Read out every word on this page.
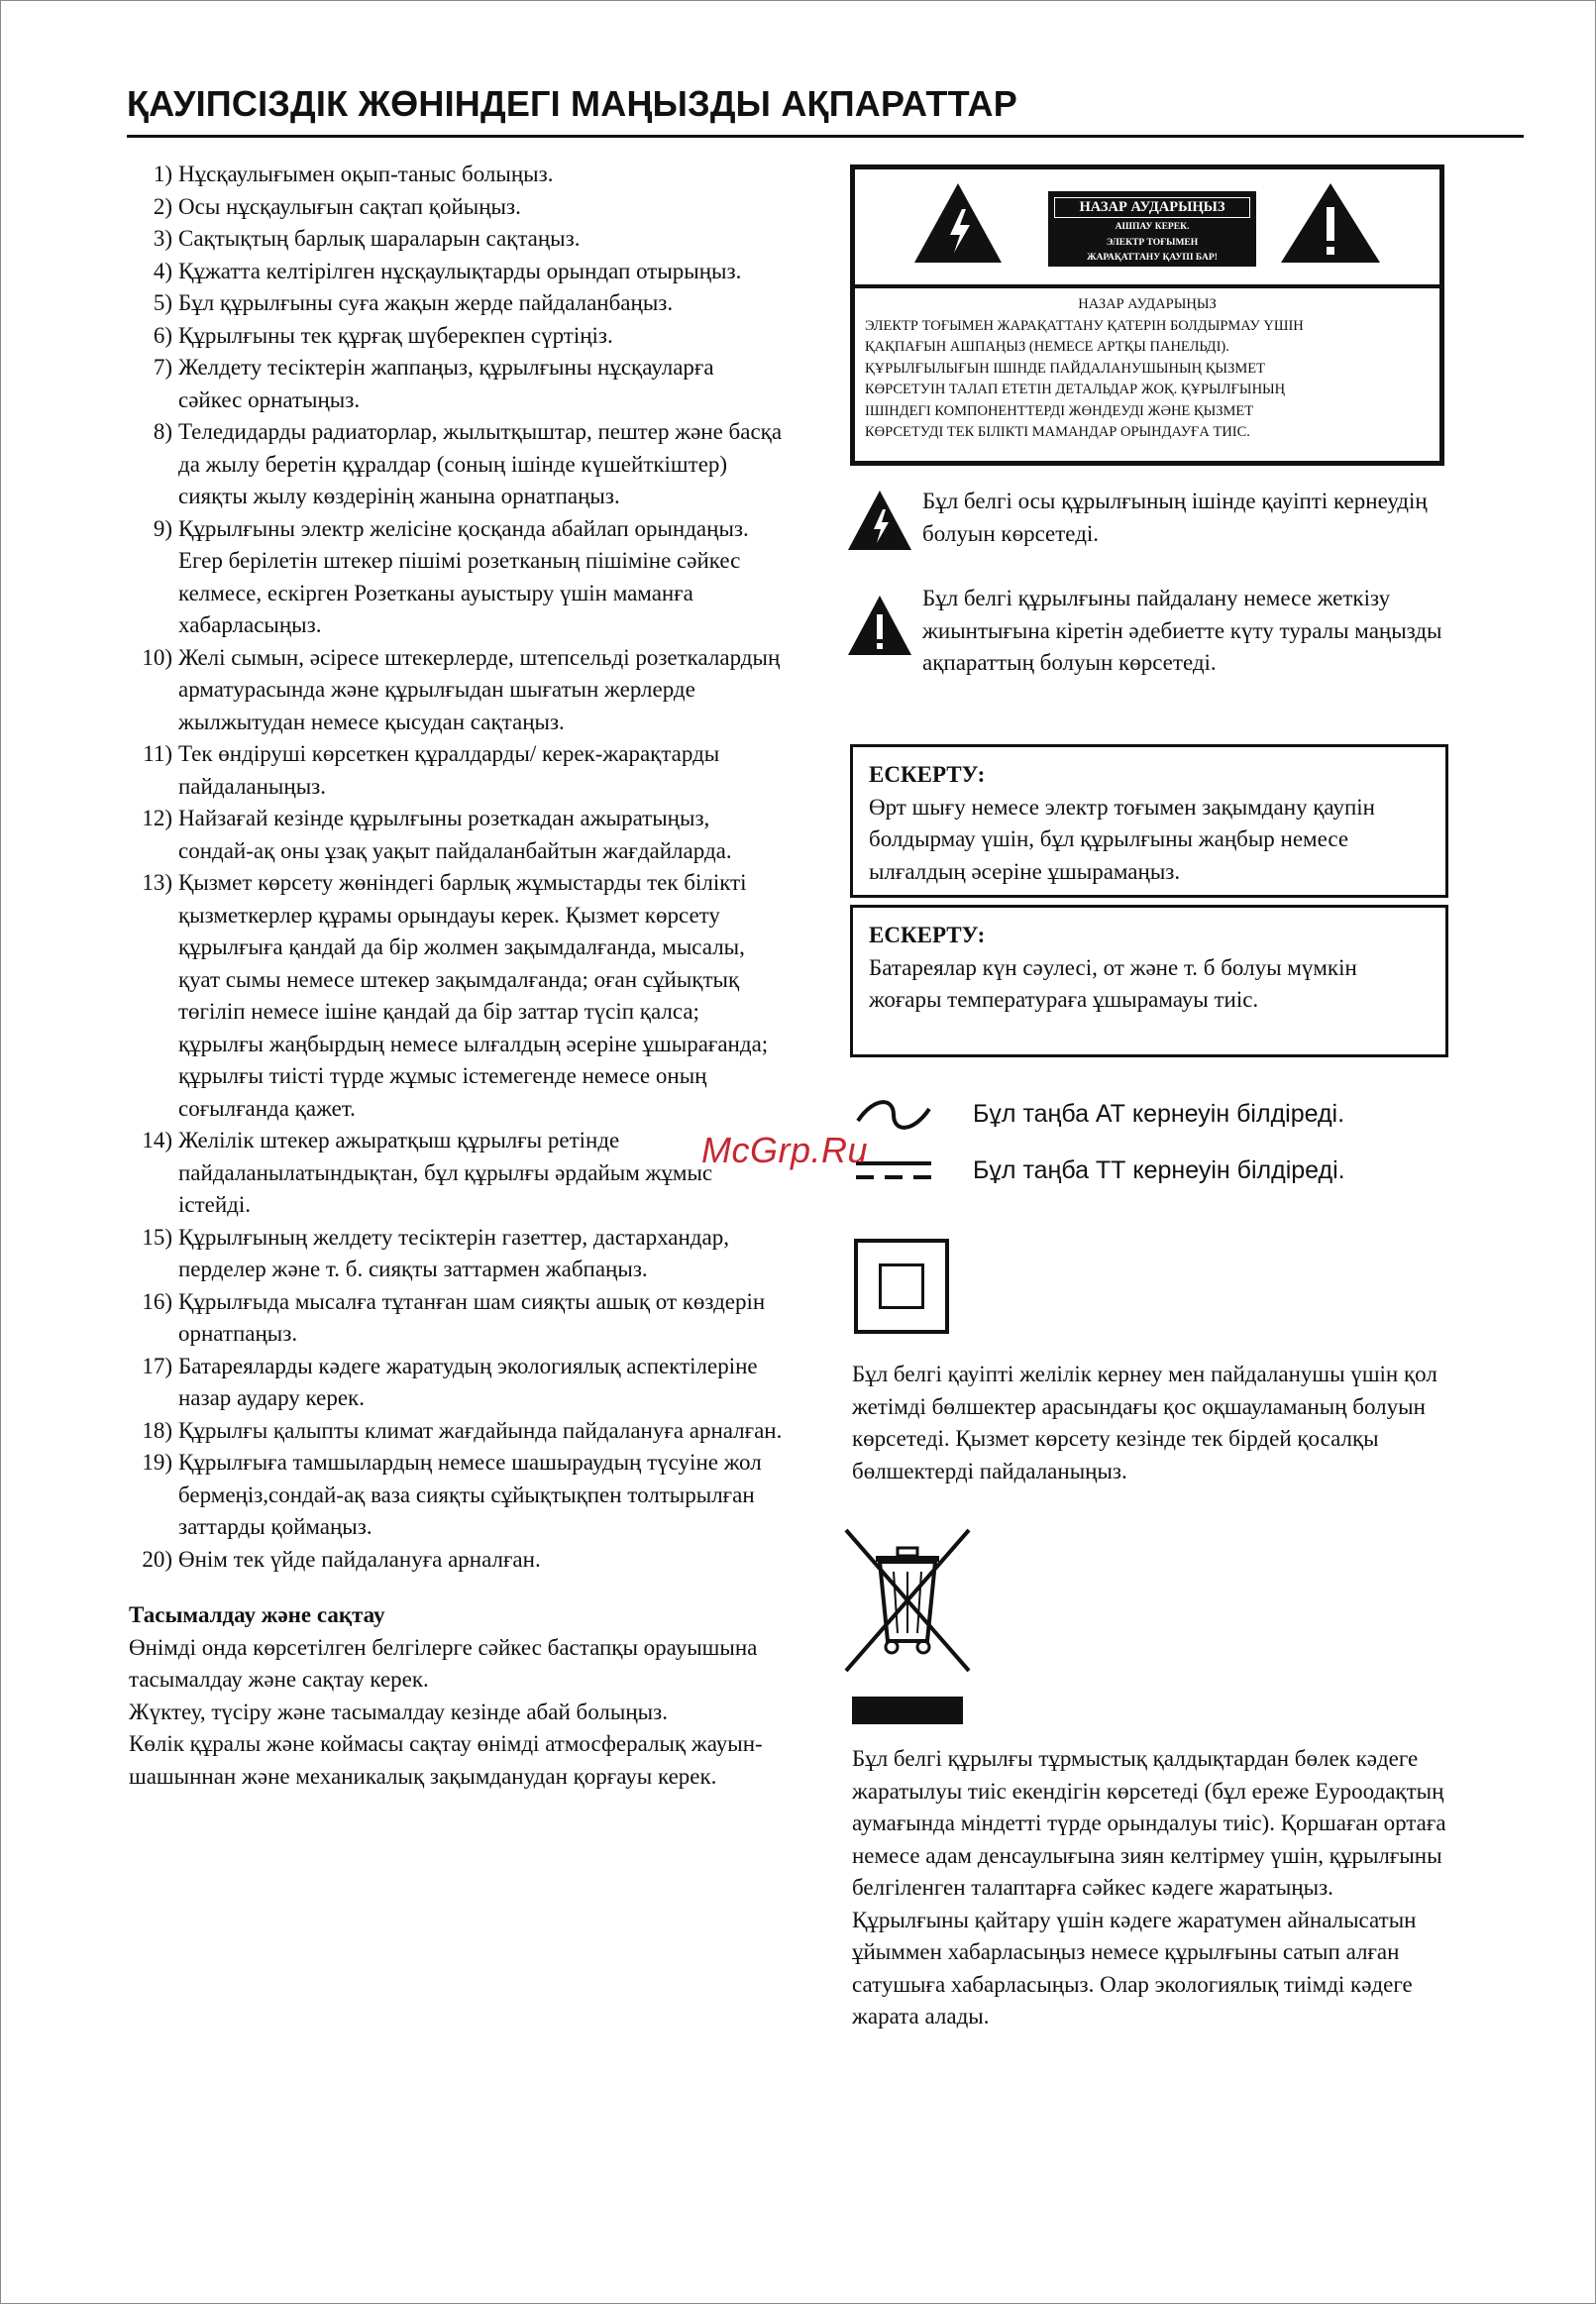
ҚАУІПСІЗДІК ЖӨНІНДЕГІ МАҢЫЗДЫ АҚПАРАТТАР
1) Нұсқаулығымен оқып-таныс болыңыз.
2) Осы нұсқаулығын сақтап қойыңыз.
3) Сақтықтың барлық шараларын сақтаңыз.
4) Құжатта келтірілген нұсқаулықтарды орындап отырыңыз.
5) Бұл құрылғыны суға жақын жерде пайдаланбаңыз.
6) Құрылғыны тек құрғақ шүберекпен сүртіңіз.
7) Желдету тесіктерін жаппаңыз, құрылғыны нұсқауларға сәйкес орнатыңыз.
8) Теледидарды радиаторлар, жылытқыштар, пештер және басқа да жылу беретін құралдар (соның ішінде күшейткіштер) сияқты жылу көздерінің жанына орнатпаңыз.
9) Құрылғыны электр желісіне қосқанда абайлап орындаңыз. Егер берілетін штекер пішімі розетканың пішіміне сәйкес келмесе, ескірген Розетканы ауыстыру үшін маманға хабарласыңыз.
10) Желі сымын, әсіресе штекерлерде, штепсельді розеткалардың арматурасында және құрылғыдан шығатын жерлерде жылжытудан немесе қысудан сақтаңыз.
11) Тек өндіруші көрсеткен құралдарды/ керек-жарақтарды пайдаланыңыз.
12) Найзағай кезінде құрылғыны розеткадан ажыратыңыз, сондай-ақ оны ұзақ уақыт пайдаланбайтын жағдайларда.
13) Қызмет көрсету жөніндегі барлық жұмыстарды тек білікті қызметкерлер құрамы орындауы керек. Қызмет көрсету құрылғыға қандай да бір жолмен зақымдалғанда, мысалы, қуат сымы немесе штекер зақымдалғанда; оған сұйықтық төгіліп немесе ішіне қандай да бір заттар түсіп қалса; құрылғы жаңбырдың немесе ылғалдың әсеріне ұшырағанда; құрылғы тиісті түрде жұмыс істемегенде немесе оның соғылғанда қажет.
14) Желілік штекер ажыратқыш құрылғы ретінде пайдаланылатындықтан, бұл құрылғы әрдайым жұмыс істейді.
15) Құрылғының желдету тесіктерін газеттер, дастархандар, перделер және т. б. сияқты заттармен жабпаңыз.
16) Құрылғыда мысалға тұтанған шам сияқты ашық от көздерін орнатпаңыз.
17) Батареяларды кәдеге жаратудың экологиялық аспектілеріне назар аудару керек.
18) Құрылғы қалыпты климат жағдайында пайдалануға арналған.
19) Құрылғыға тамшылардың немесе шашыраудың түсуіне жол бермеңіз,сондай-ақ ваза сияқты сұйықтықпен толтырылған заттарды қоймаңыз.
20) Өнім тек үйде пайдалануға арналған.
Тасымалдау және сақтау
Өнімді онда көрсетілген белгілерге сәйкес бастапқы орауышына тасымалдау және сақтау керек.
Жүктеу, түсіру және тасымалдау кезінде абай болыңыз.
Көлік құралы және коймасы сақтау өнімді атмосфералық жауын-шашыннан және механикалық зақымданудан қорғауы керек.
НАЗАР АУДАРЫҢЫЗ
АШПАУ КЕРЕК.
ЭЛЕКТР ТОҒЫМЕН
ЖАРАҚАТТАНУ ҚАУПІ БАР!
НАЗАР АУДАРЫҢЫЗ
ЭЛЕКТР ТОҒЫМЕН ЖАРАҚАТТАНУ ҚАТЕРІН БОЛДЫРМАУ ҮШІН
ҚАҚПАҒЫН АШПАҢЫЗ (НЕМЕСЕ АРТҚЫ ПАНЕЛЬДІ).
ҚҰРЫЛҒЫЛЫҒЫН ІШІНДЕ ПАЙДАЛАНУШЫНЫҢ ҚЫЗМЕТ
КӨРСЕТУІН ТАЛАП ЕТЕТІН ДЕТАЛЬДАР ЖОҚ. ҚҰРЫЛҒЫНЫҢ
ІШІНДЕГІ КОМПОНЕНТТЕРДІ ЖӨНДЕУДІ ЖӘНЕ ҚЫЗМЕТ
КӨРСЕТУДІ ТЕК БІЛІКТІ МАМАНДАР ОРЫНДАУҒА ТИІС.
Бұл белгі осы құрылғының ішінде қауіпті кернеудің болуын көрсетеді.
Бұл белгі құрылғыны пайдалану немесе жеткізу жиынтығына кіретін әдебиетте күту туралы маңызды ақпараттың болуын көрсетеді.
ЕСКЕРТУ:
Өрт шығу немесе электр тоғымен зақымдану қаупін болдырмау үшін, бұл құрылғыны жаңбыр немесе ылғалдың әсеріне ұшырамаңыз.
ЕСКЕРТУ:
Батареялар күн сәулесі, от және т. б болуы мүмкін жоғары температураға ұшырамауы тиіс.
Бұл таңба АТ кернеуін білдіреді.
Бұл таңба ТТ кернеуін білдіреді.
Бұл белгі қауіпті желілік кернеу мен пайдаланушы үшін қол жетімді бөлшектер арасындағы қос оқшауламаның болуын көрсетеді. Қызмет көрсету кезінде тек бірдей қосалқы бөлшектерді пайдаланыңыз.
Бұл белгі құрылғы тұрмыстық қалдықтардан бөлек кәдеге жаратылуы тиіс екендігін көрсетеді (бұл ереже Еуроодақтың аумағында міндетті түрде орындалуы тиіс). Қоршаған ортаға немесе адам денсаулығына зиян келтірмеу үшін, құрылғыны белгіленген талаптарға сәйкес кәдеге жаратыңыз. Құрылғыны қайтару үшін кәдеге жаратумен айналысатын ұйыммен хабарласыңыз немесе құрылғыны сатып алған сатушыға хабарласыңыз. Олар экологиялық тиімді кәдеге жарата алады.
McGrp.Ru
